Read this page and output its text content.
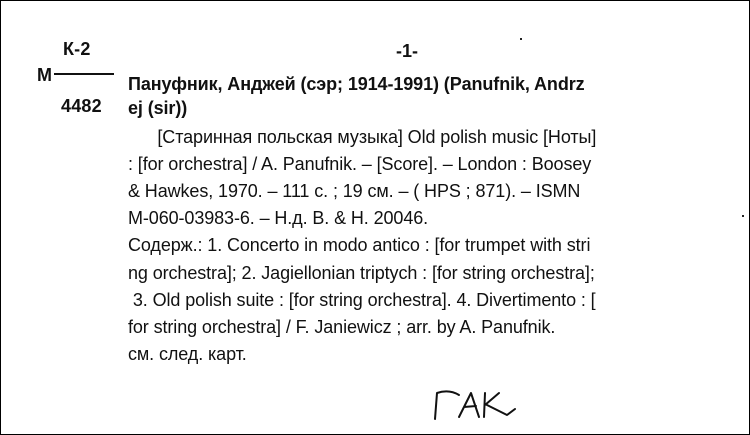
К-2
М
4482
-1-
Пануфник, Анджей (сэр; 1914-1991) (Panufnik, Andrz
ej (sir))
[Старинная польская музыка] Old polish music [Ноты]
: [for orchestra] / A. Panufnik. – [Score]. – London : Boosey
& Hawkes, 1970. – 111 с. ; 19 см. – ( HPS ; 871). – ISMN
M-060-03983-6. – Н.д. B. & H. 20046.
Содерж.: 1. Concerto in modo antico : [for trumpet with stri
ng orchestra]; 2. Jagiellonian triptych : [for string orchestra];
3. Old polish suite : [for string orchestra]. 4. Divertimento : [
for string orchestra] / F. Janiewicz ; arr. by A. Panufnik.
см. след. карт.
